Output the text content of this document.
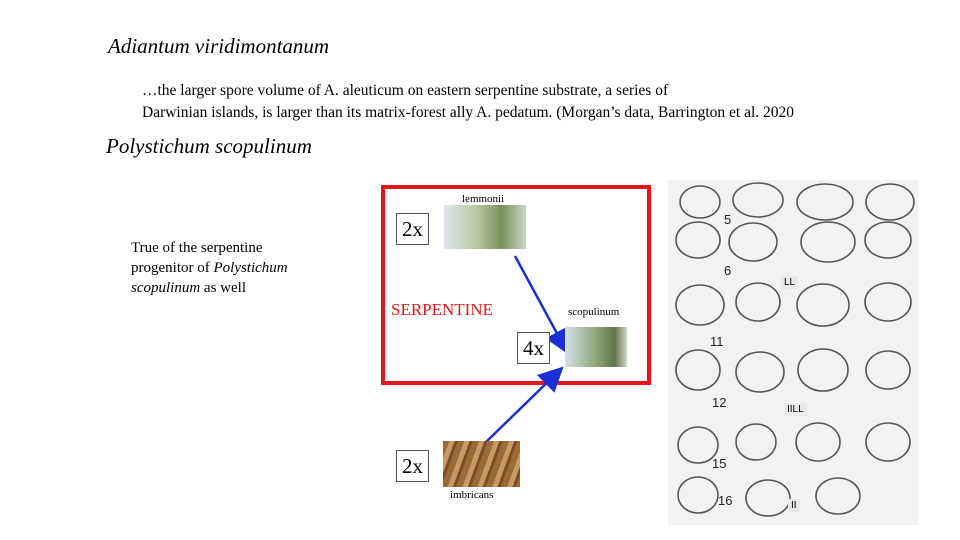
Adiantum viridimontanum
…the larger spore volume of A. aleuticum on eastern serpentine substrate, a series of
Darwinian islands, is larger than its matrix-forest ally A. pedatum. (Morgan’s data, Barrington et al. 2020
Polystichum scopulinum
True of the serpentine
progenitor of Polystichum
scopulinum as well
2x
4x
2x
lemmonii
scopulinum
imbricans
SERPENTINE
5
6
11
12
15
16
LL
IILL
II
